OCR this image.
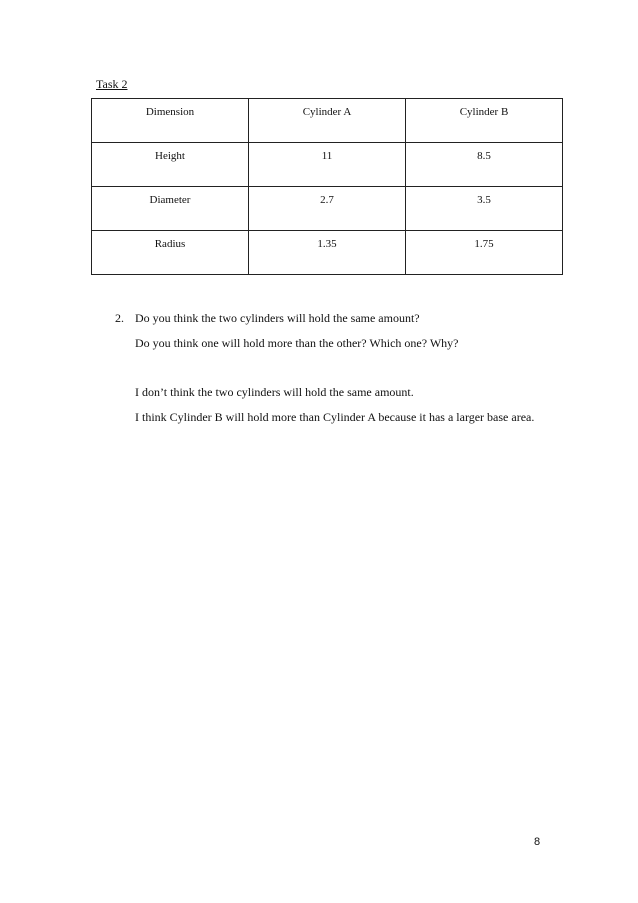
Task 2
Dimension	Cylinder A	Cylinder B
Height	11	8.5
Diameter	2.7	3.5
Radius	1.35	1.75
2. Do you think the two cylinders will hold the same amount?
Do you think one will hold more than the other? Which one? Why?
I don’t think the two cylinders will hold the same amount.
I think Cylinder B will hold more than Cylinder A because it has a larger base area.
8
